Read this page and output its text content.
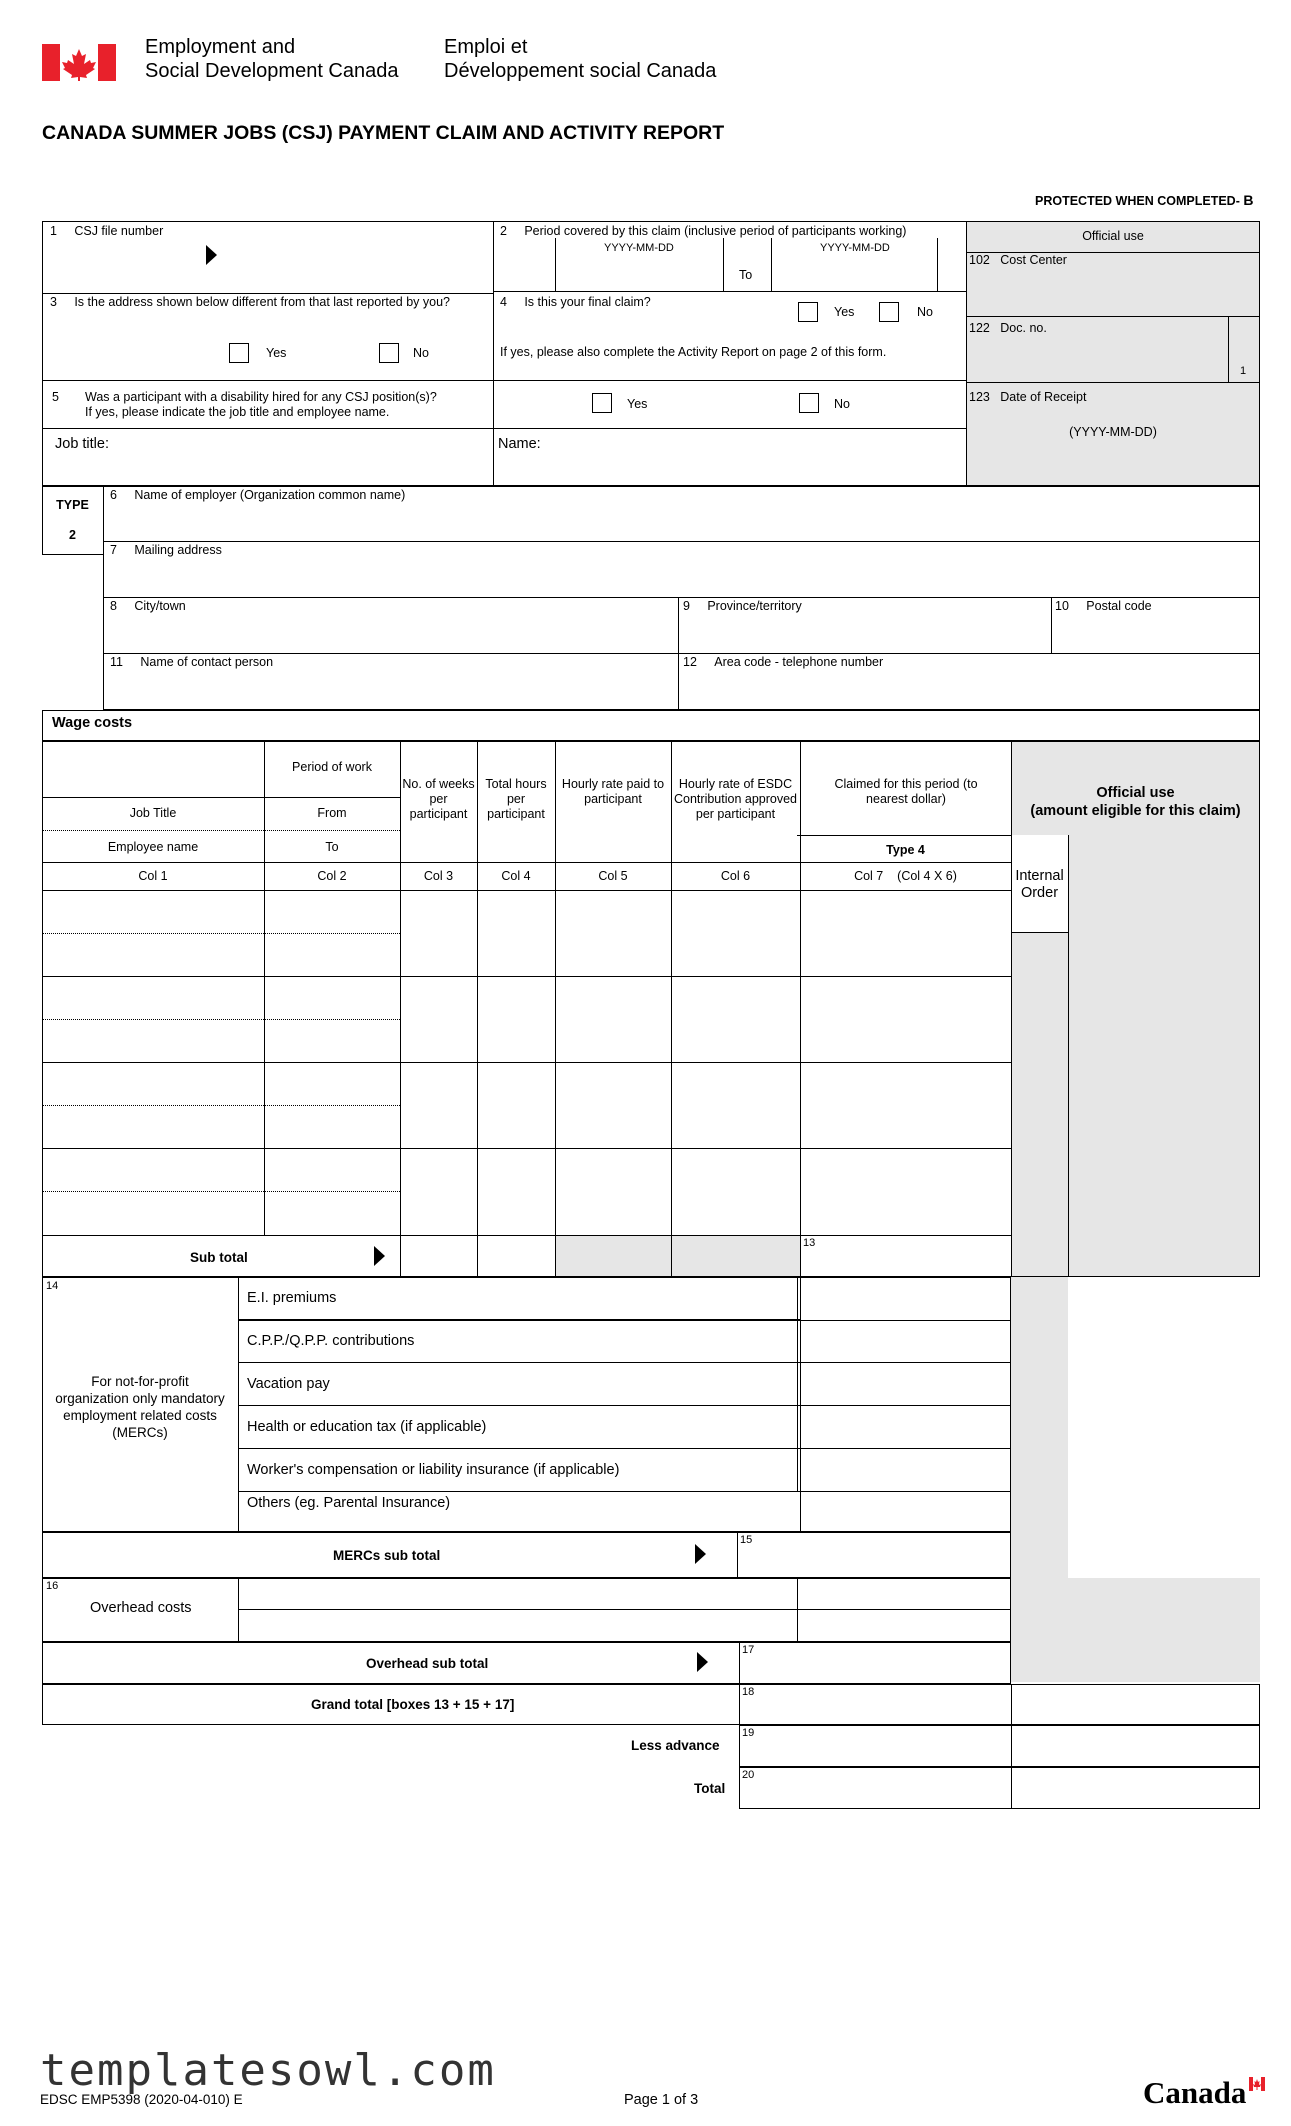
Employment and
Social Development Canada
Emploi et
Développement social Canada
CANADA SUMMER JOBS (CSJ) PAYMENT CLAIM AND ACTIVITY REPORT
PROTECTED WHEN COMPLETED- B
1 CSJ file number	2 Period covered by this claim (inclusive period of participants working)
YYYY-MM-DD
To
YYYY-MM-DD
3 Is the address shown below different from that last reported by you?
Yes	No
4 Is this your final claim?
Yes	No
If yes, please also complete the Activity Report on page 2 of this form.
5 Was a participant with a disability hired for any CSJ position(s)?
If yes, please indicate the job title and employee name.
Yes	No
Job title:	Name:
Official use
102 Cost Center
122 Doc. no.
1
123 Date of Receipt
(YYYY-MM-DD)
TYPE
2
6 Name of employer (Organization common name)
7 Mailing address
8 City/town	9 Province/territory	10 Postal code
11 Name of contact person	12 Area code - telephone number
Wage costs
Period of work
Job Title	From
Employee name	To
No. of weeks per participant
Total hours per participant
Hourly rate paid to participant
Hourly rate of ESDC Contribution approved per participant
Claimed for this period (to nearest dollar)
Type 4
Official use
(amount eligible for this claim)
Internal Order
Col 1	Col 2	Col 3	Col 4	Col 5	Col 6	Col 7    (Col 4 X 6)
Sub total
13
14
For not-for-profit organization only mandatory employment related costs (MERCs)
E.I. premiums
C.P.P./Q.P.P. contributions
Vacation pay
Health or education tax (if applicable)
Worker's compensation or liability insurance (if applicable)
Others (eg. Parental Insurance)
MERCs sub total
15
16
Overhead costs
Overhead sub total
17
Grand total [boxes 13 + 15 + 17]
18
Less advance
19
Total
20
templatesowl.com
EDSC EMP5398 (2020-04-010) E	Page 1 of 3	Canada
